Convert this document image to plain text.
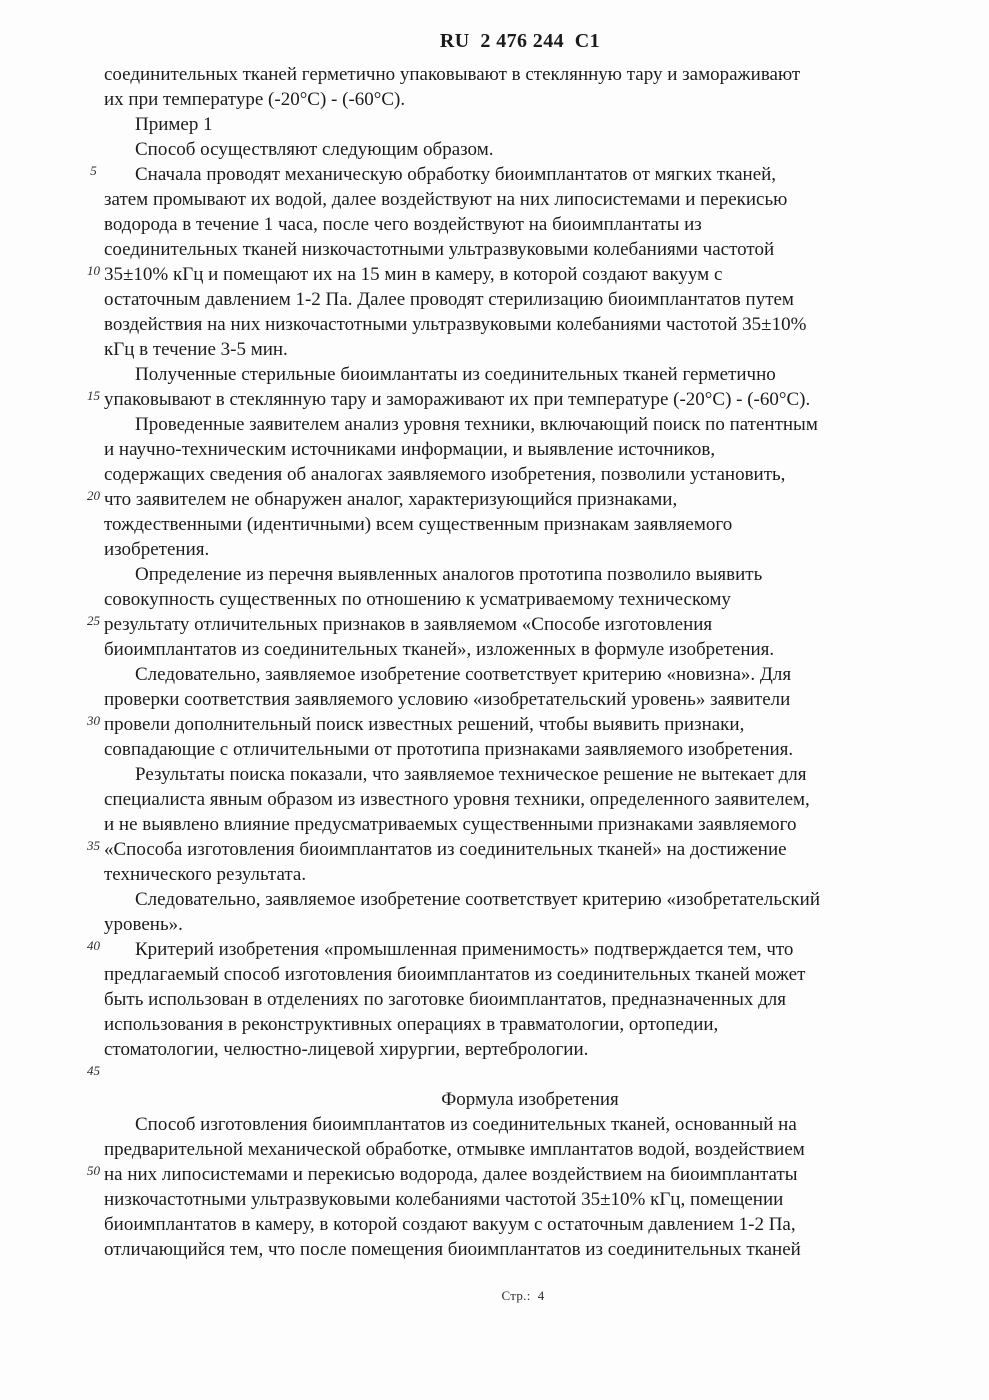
RU  2 476 244  C1
соединительных тканей герметично упаковывают в стеклянную тару и замораживают
их при температуре (-20°С) - (-60°С).
Пример 1
Способ осуществляют следующим образом.
5 Сначала проводят механическую обработку биоимплантатов от мягких тканей,
затем промывают их водой, далее воздействуют на них липосистемами и перекисью
водорода в течение 1 часа, после чего воздействуют на биоимплантаты из
соединительных тканей низкочастотными ультразвуковыми колебаниями частотой
10 35±10% кГц и помещают их на 15 мин в камеру, в которой создают вакуум с
остаточным давлением 1-2 Па. Далее проводят стерилизацию биоимплантатов путем
воздействия на них низкочастотными ультразвуковыми колебаниями частотой 35±10%
кГц в течение 3-5 мин.
Полученные стерильные биоимлантаты из соединительных тканей герметично
15 упаковывают в стеклянную тару и замораживают их при температуре (-20°С) - (-60°С).
Проведенные заявителем анализ уровня техники, включающий поиск по патентным
и научно-техническим источниками информации, и выявление источников,
содержащих сведения об аналогах заявляемого изобретения, позволили установить,
20 что заявителем не обнаружен аналог, характеризующийся признаками,
тождественными (идентичными) всем существенным признакам заявляемого
изобретения.
Определение из перечня выявленных аналогов прототипа позволило выявить
совокупность существенных по отношению к усматриваемому техническому
25 результату отличительных признаков в заявляемом «Способе изготовления
биоимплантатов из соединительных тканей», изложенных в формуле изобретения.
Следовательно, заявляемое изобретение соответствует критерию «новизна». Для
проверки соответствия заявляемого условию «изобретательский уровень» заявители
30 провели дополнительный поиск известных решений, чтобы выявить признаки,
совпадающие с отличительными от прототипа признаками заявляемого изобретения.
Результаты поиска показали, что заявляемое техническое решение не вытекает для
специалиста явным образом из известного уровня техники, определенного заявителем,
и не выявлено влияние предусматриваемых существенными признаками заявляемого
35 «Способа изготовления биоимплантатов из соединительных тканей» на достижение
технического результата.
Следовательно, заявляемое изобретение соответствует критерию «изобретательский
уровень».
40 Критерий изобретения «промышленная применимость» подтверждается тем, что
предлагаемый способ изготовления биоимплантатов из соединительных тканей может
быть использован в отделениях по заготовке биоимплантатов, предназначенных для
использования в реконструктивных операциях в травматологии, ортопедии,
стоматологии, челюстно-лицевой хирургии, вертебрологии.
45
Формула изобретения
Способ изготовления биоимплантатов из соединительных тканей, основанный на
предварительной механической обработке, отмывке имплантатов водой, воздействием
50 на них липосистемами и перекисью водорода, далее воздействием на биоимплантаты
низкочастотными ультразвуковыми колебаниями частотой 35±10% кГц, помещении
биоимплантатов в камеру, в которой создают вакуум с остаточным давлением 1-2 Па,
отличающийся тем, что после помещения биоимплантатов из соединительных тканей
Стр.:  4
